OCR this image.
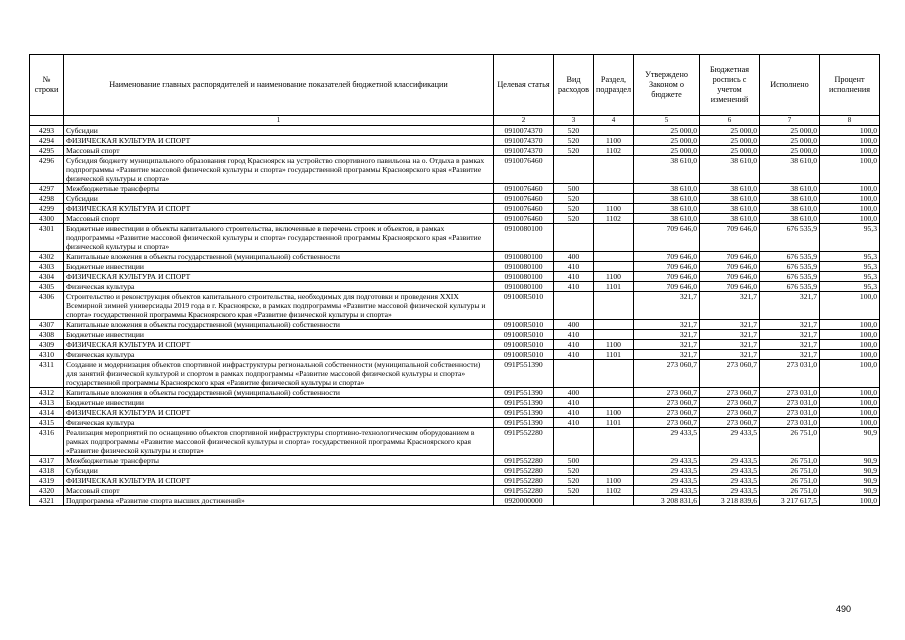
№ строки	Наименование главных распорядителей и наименование показателей бюджетной классификации	Целевая статья	Вид расходов	Раздел, подраздел	Утверждено Законом о бюджете	Бюджетная роспись с учетом изменений	Исполнено	Процент исполнения
	1	2	3	4	5	6	7	8
4293	Субсидии	0910074370	520		25 000,0	25 000,0	25 000,0	100,0
4294	ФИЗИЧЕСКАЯ КУЛЬТУРА И СПОРТ	0910074370	520	1100	25 000,0	25 000,0	25 000,0	100,0
4295	Массовый спорт	0910074370	520	1102	25 000,0	25 000,0	25 000,0	100,0
4296	Субсидия бюджету муниципального образования город Красноярск на устройство спортивного павильона на о. Отдыха в рамках подпрограммы «Развитие массовой физической культуры и спорта» государственной программы Красноярского края «Развитие физической культуры и спорта»	0910076460			38 610,0	38 610,0	38 610,0	100,0
4297	Межбюджетные трансферты	0910076460	500		38 610,0	38 610,0	38 610,0	100,0
4298	Субсидии	0910076460	520		38 610,0	38 610,0	38 610,0	100,0
4299	ФИЗИЧЕСКАЯ КУЛЬТУРА И СПОРТ	0910076460	520	1100	38 610,0	38 610,0	38 610,0	100,0
4300	Массовый спорт	0910076460	520	1102	38 610,0	38 610,0	38 610,0	100,0
4301	Бюджетные инвестиции в объекты капитального строительства, включенные в перечень строек и объектов, в рамках подпрограммы «Развитие массовой физической культуры и спорта» государственной программы Красноярского края «Развитие физической культуры и спорта»	0910080100			709 646,0	709 646,0	676 535,9	95,3
4302	Капитальные вложения в объекты государственной (муниципальной) собственности	0910080100	400		709 646,0	709 646,0	676 535,9	95,3
4303	Бюджетные инвестиции	0910080100	410		709 646,0	709 646,0	676 535,9	95,3
4304	ФИЗИЧЕСКАЯ КУЛЬТУРА И СПОРТ	0910080100	410	1100	709 646,0	709 646,0	676 535,9	95,3
4305	Физическая культура	0910080100	410	1101	709 646,0	709 646,0	676 535,9	95,3
4306	Строительство и реконструкция объектов капитального строительства, необходимых для подготовки и проведения XXIX Всемирной зимней универсиады 2019 года в г. Красноярске, в рамках подпрограммы «Развитие массовой физической культуры и спорта» государственной программы Красноярского края «Развитие физической культуры и спорта»	09100R5010			321,7	321,7	321,7	100,0
4307	Капитальные вложения в объекты государственной (муниципальной) собственности	09100R5010	400		321,7	321,7	321,7	100,0
4308	Бюджетные инвестиции	09100R5010	410		321,7	321,7	321,7	100,0
4309	ФИЗИЧЕСКАЯ КУЛЬТУРА И СПОРТ	09100R5010	410	1100	321,7	321,7	321,7	100,0
4310	Физическая культура	09100R5010	410	1101	321,7	321,7	321,7	100,0
4311	Создание и модернизация объектов спортивной инфраструктуры региональной собственности (муниципальной собственности) для занятий физической культурой и спортом в рамках подпрограммы «Развитие массовой физической культуры и спорта» государственной программы Красноярского края «Развитие физической культуры и спорта»	091P551390			273 060,7	273 060,7	273 031,0	100,0
4312	Капитальные вложения в объекты государственной (муниципальной) собственности	091P551390	400		273 060,7	273 060,7	273 031,0	100,0
4313	Бюджетные инвестиции	091P551390	410		273 060,7	273 060,7	273 031,0	100,0
4314	ФИЗИЧЕСКАЯ КУЛЬТУРА И СПОРТ	091P551390	410	1100	273 060,7	273 060,7	273 031,0	100,0
4315	Физическая культура	091P551390	410	1101	273 060,7	273 060,7	273 031,0	100,0
4316	Реализация мероприятий по оснащению объектов спортивной инфраструктуры спортивно-технологическим оборудованием в рамках подпрограммы «Развитие массовой физической культуры и спорта» государственной программы Красноярского края «Развитие физической культуры и спорта»	091P552280			29 433,5	29 433,5	26 751,0	90,9
4317	Межбюджетные трансферты	091P552280	500		29 433,5	29 433,5	26 751,0	90,9
4318	Субсидии	091P552280	520		29 433,5	29 433,5	26 751,0	90,9
4319	ФИЗИЧЕСКАЯ КУЛЬТУРА И СПОРТ	091P552280	520	1100	29 433,5	29 433,5	26 751,0	90,9
4320	Массовый спорт	091P552280	520	1102	29 433,5	29 433,5	26 751,0	90,9
4321	Подпрограмма «Развитие спорта высших достижений»	0920000000			3 208 831,6	3 218 839,6	3 217 617,5	100,0
490
